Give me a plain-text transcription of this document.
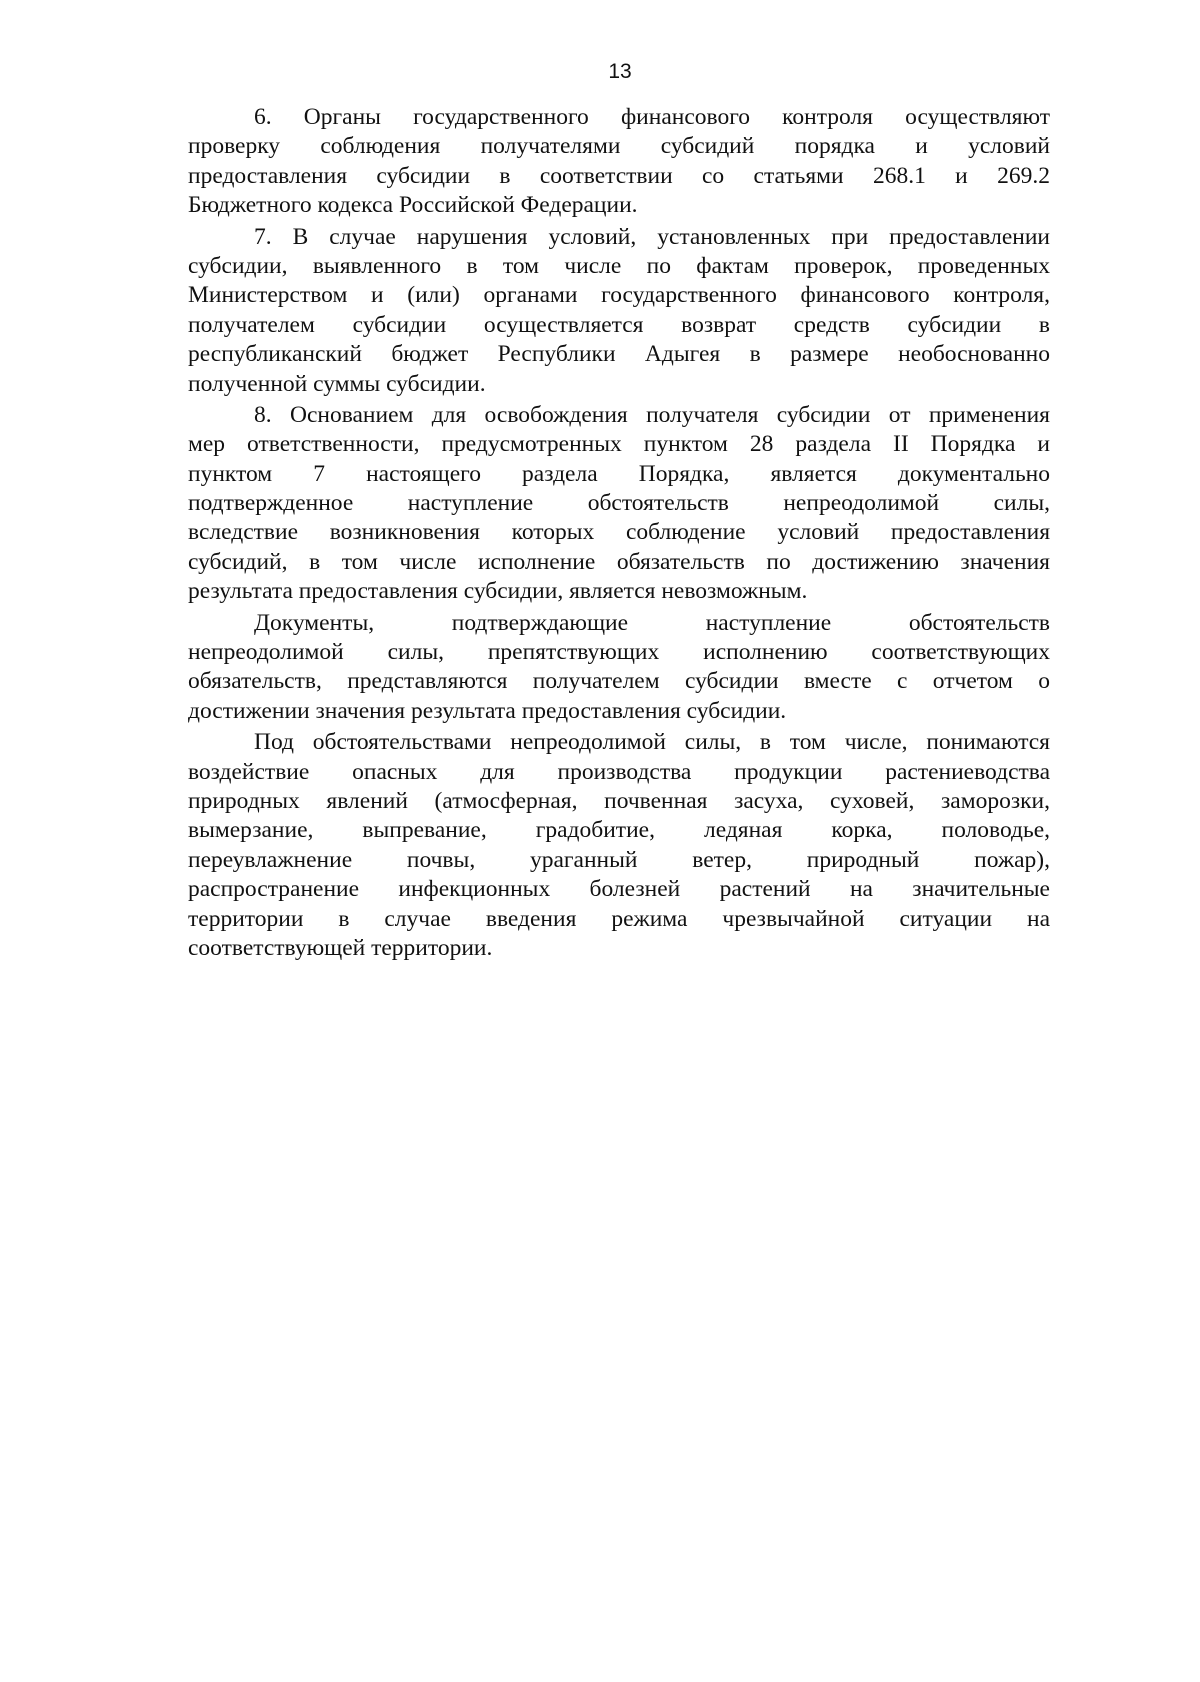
13
6. Органы государственного финансового контроля осуществляют
проверку соблюдения получателями субсидий порядка и условий
предоставления субсидии в соответствии со статьями 268.1 и 269.2
Бюджетного кодекса Российской Федерации.
7. В случае нарушения условий, установленных при предоставлении
субсидии, выявленного в том числе по фактам проверок, проведенных
Министерством и (или) органами государственного финансового контроля,
получателем субсидии осуществляется возврат средств субсидии в
республиканский бюджет Республики Адыгея в размере необоснованно
полученной суммы субсидии.
8. Основанием для освобождения получателя субсидии от применения
мер ответственности, предусмотренных пунктом 28 раздела II Порядка и
пунктом 7 настоящего раздела Порядка, является документально
подтвержденное наступление обстоятельств непреодолимой силы,
вследствие возникновения которых соблюдение условий предоставления
субсидий, в том числе исполнение обязательств по достижению значения
результата предоставления субсидии, является невозможным.
Документы, подтверждающие наступление обстоятельств
непреодолимой силы, препятствующих исполнению соответствующих
обязательств, представляются получателем субсидии вместе с отчетом о
достижении значения результата предоставления субсидии.
Под обстоятельствами непреодолимой силы, в том числе, понимаются
воздействие опасных для производства продукции растениеводства
природных явлений (атмосферная, почвенная засуха, суховей, заморозки,
вымерзание, выпревание, градобитие, ледяная корка, половодье,
переувлажнение почвы, ураганный ветер, природный пожар),
распространение инфекционных болезней растений на значительные
территории в случае введения режима чрезвычайной ситуации на
соответствующей территории.
